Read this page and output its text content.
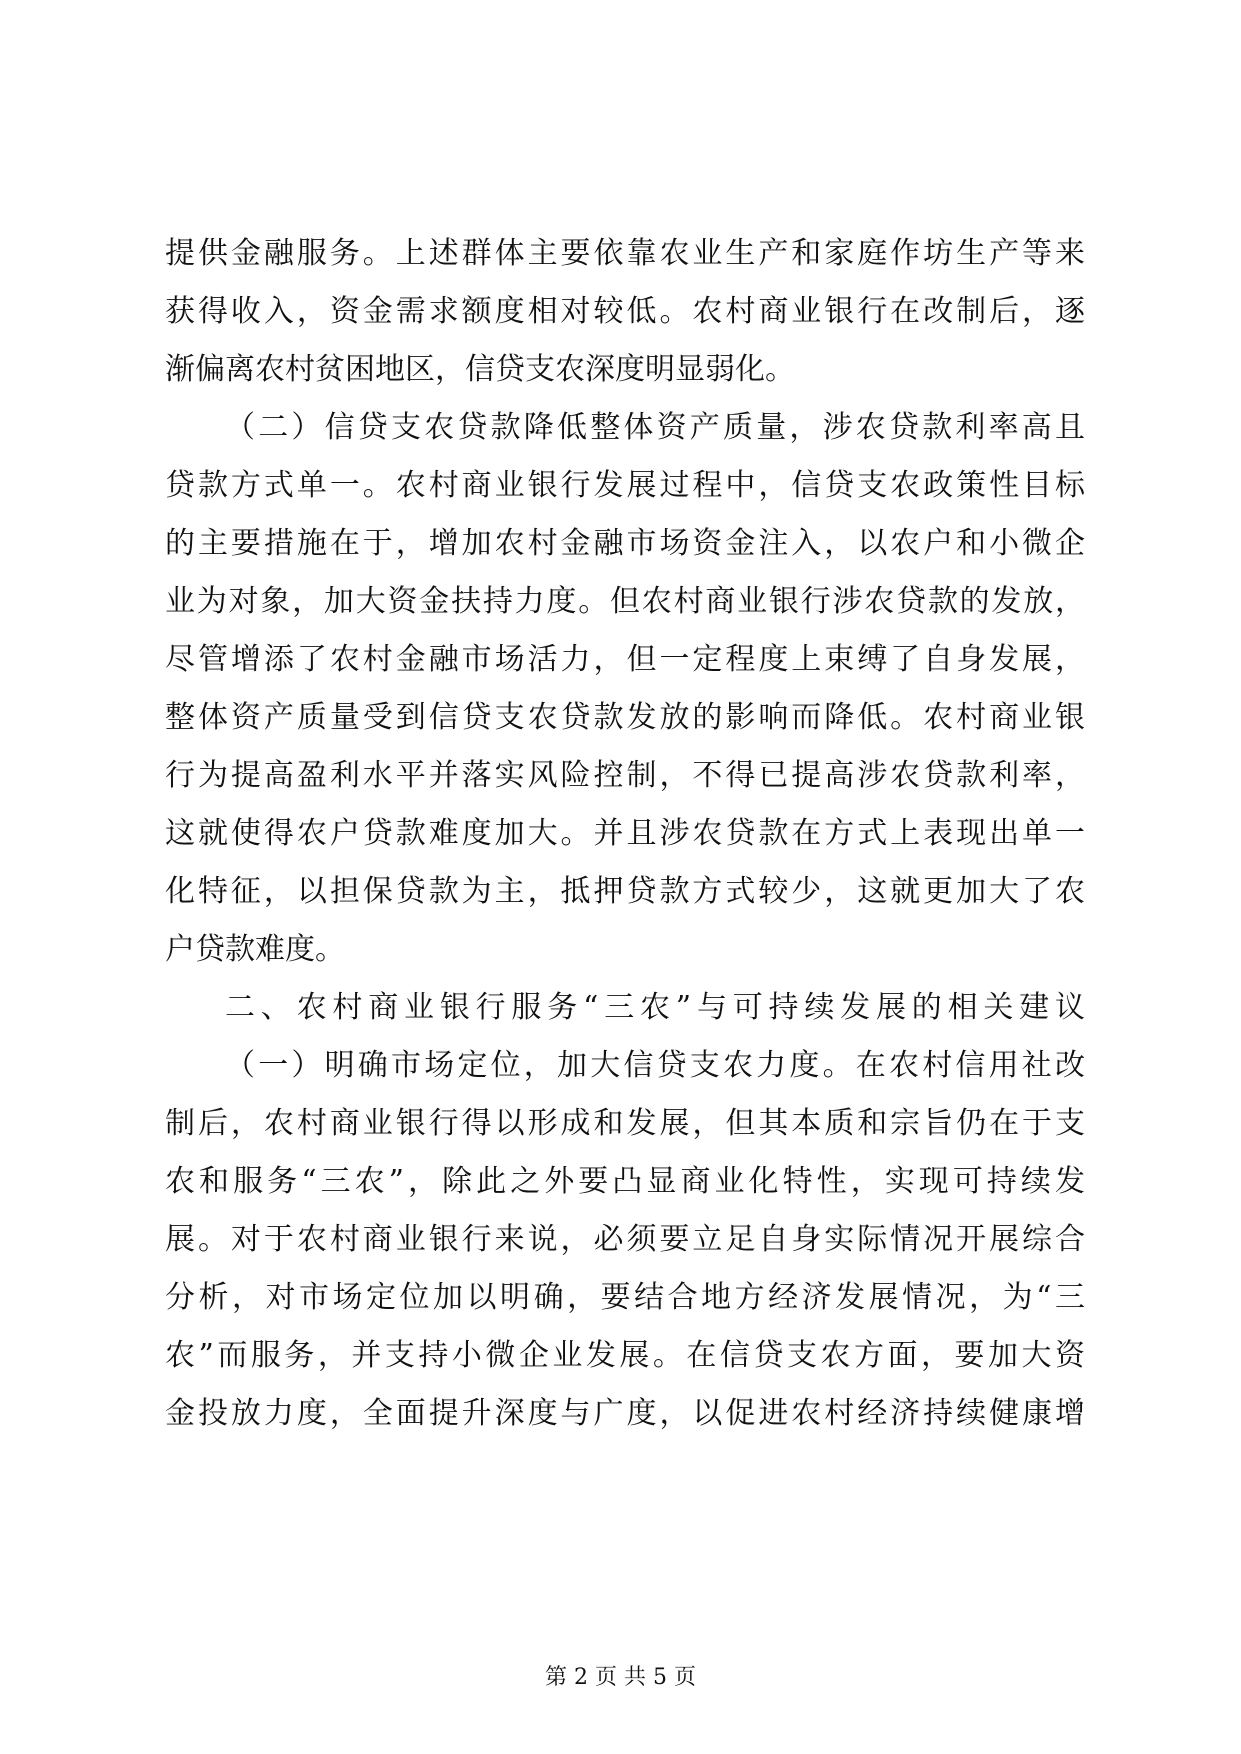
提供金融服务。上述群体主要依靠农业生产和家庭作坊生产等来
获得收入，资金需求额度相对较低。农村商业银行在改制后，逐
渐偏离农村贫困地区，信贷支农深度明显弱化。
（二）信贷支农贷款降低整体资产质量，涉农贷款利率高且
贷款方式单一。农村商业银行发展过程中，信贷支农政策性目标
的主要措施在于，增加农村金融市场资金注入，以农户和小微企
业为对象，加大资金扶持力度。但农村商业银行涉农贷款的发放，
尽管增添了农村金融市场活力，但一定程度上束缚了自身发展，
整体资产质量受到信贷支农贷款发放的影响而降低。农村商业银
行为提高盈利水平并落实风险控制，不得已提高涉农贷款利率，
这就使得农户贷款难度加大。并且涉农贷款在方式上表现出单一
化特征，以担保贷款为主，抵押贷款方式较少，这就更加大了农
户贷款难度。
二、农村商业银行服务“三农”与可持续发展的相关建议
（一）明确市场定位，加大信贷支农力度。在农村信用社改
制后，农村商业银行得以形成和发展，但其本质和宗旨仍在于支
农和服务“三农”，除此之外要凸显商业化特性，实现可持续发
展。对于农村商业银行来说，必须要立足自身实际情况开展综合
分析，对市场定位加以明确，要结合地方经济发展情况，为“三
农”而服务，并支持小微企业发展。在信贷支农方面，要加大资
金投放力度，全面提升深度与广度，以促进农村经济持续健康增
第 2 页 共 5 页
